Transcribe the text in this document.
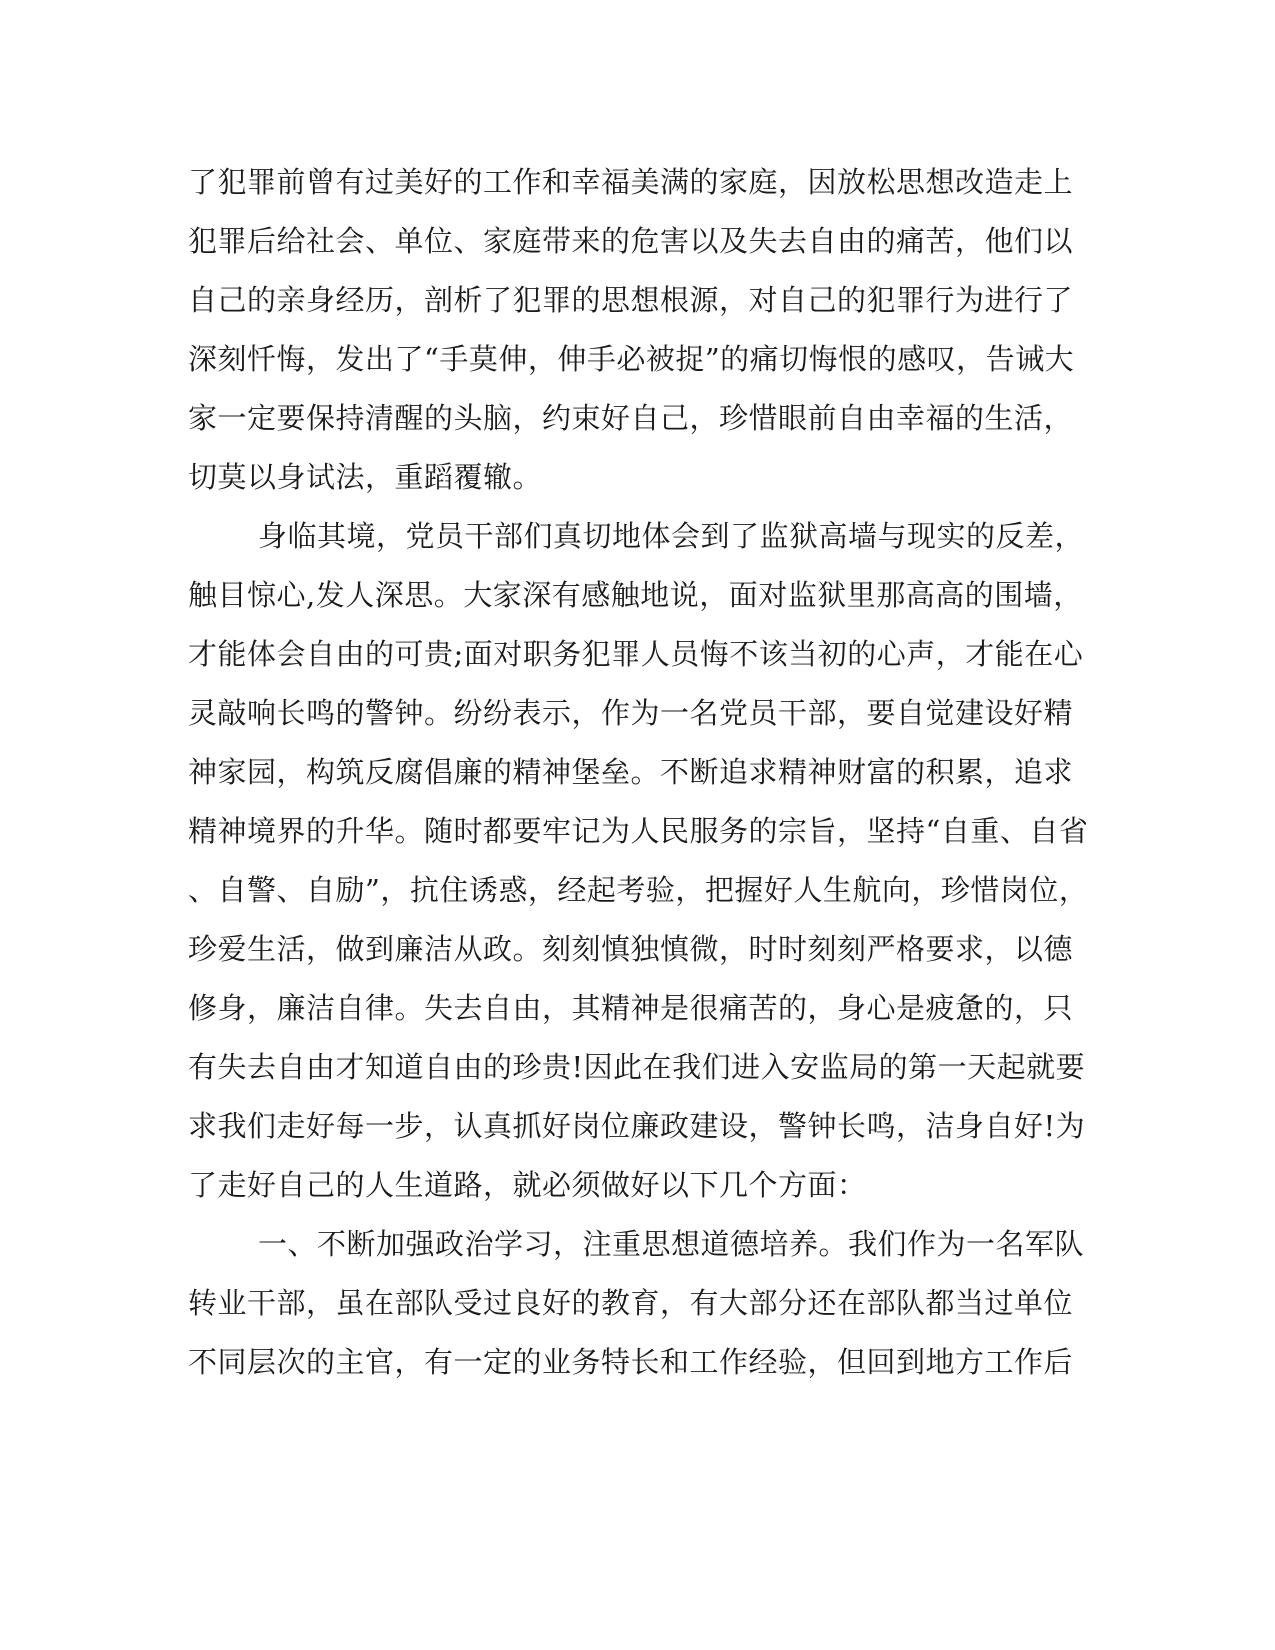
了犯罪前曾有过美好的工作和幸福美满的家庭，因放松思想改造走上
犯罪后给社会、单位、家庭带来的危害以及失去自由的痛苦，他们以
自己的亲身经历，剖析了犯罪的思想根源，对自己的犯罪行为进行了
深刻忏悔，发出了“手莫伸，伸手必被捉”的痛切悔恨的感叹，告诫大
家一定要保持清醒的头脑，约束好自己，珍惜眼前自由幸福的生活，
切莫以身试法，重蹈覆辙。
身临其境，党员干部们真切地体会到了监狱高墙与现实的反差，
触目惊心,发人深思。大家深有感触地说，面对监狱里那高高的围墙，
才能体会自由的可贵;面对职务犯罪人员悔不该当初的心声，才能在心
灵敲响长鸣的警钟。纷纷表示，作为一名党员干部，要自觉建设好精
神家园，构筑反腐倡廉的精神堡垒。不断追求精神财富的积累，追求
精神境界的升华。随时都要牢记为人民服务的宗旨，坚持“自重、自省
、自警、自励”，抗住诱惑，经起考验，把握好人生航向，珍惜岗位，
珍爱生活，做到廉洁从政。刻刻慎独慎微，时时刻刻严格要求，以德
修身，廉洁自律。失去自由，其精神是很痛苦的，身心是疲惫的，只
有失去自由才知道自由的珍贵!因此在我们进入安监局的第一天起就要
求我们走好每一步，认真抓好岗位廉政建设，警钟长鸣，洁身自好!为
了走好自己的人生道路，就必须做好以下几个方面：
一、不断加强政治学习，注重思想道德培养。我们作为一名军队
转业干部，虽在部队受过良好的教育，有大部分还在部队都当过单位
不同层次的主官，有一定的业务特长和工作经验，但回到地方工作后
